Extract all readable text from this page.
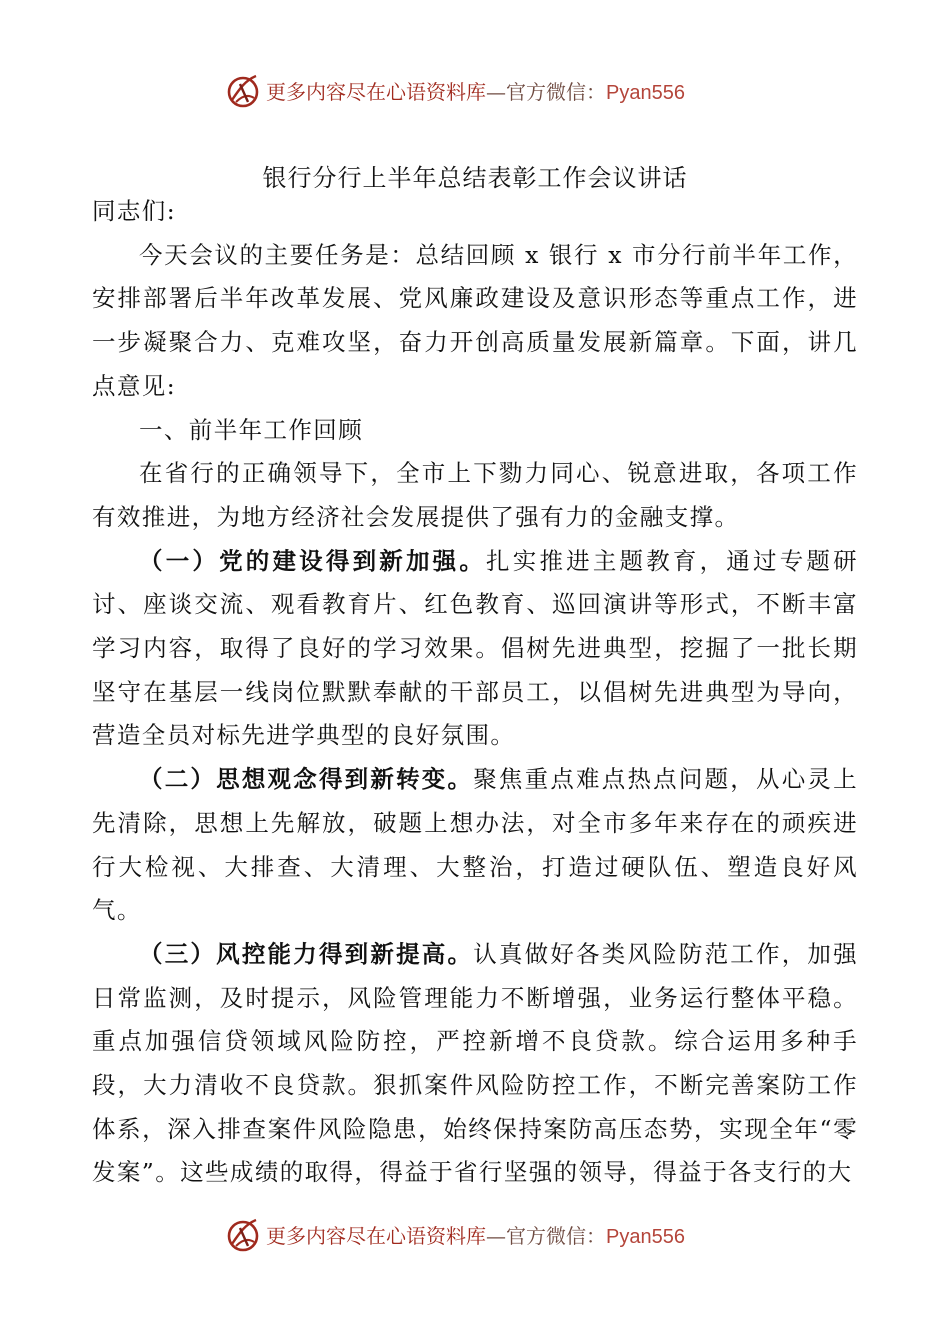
更多内容尽在心语资料库—官方微信：Pyan556
银行分行上半年总结表彰工作会议讲话

同志们:

今天会议的主要任务是：总结回顾 x 银行 x 市分行前半年工作，安排部署后半年改革发展、党风廉政建设及意识形态等重点工作，进一步凝聚合力、克难攻坚，奋力开创高质量发展新篇章。下面，讲几点意见:

一、前半年工作回顾

在省行的正确领导下，全市上下勠力同心、锐意进取，各项工作有效推进，为地方经济社会发展提供了强有力的金融支撑。

（一）党的建设得到新加强。扎实推进主题教育，通过专题研讨、座谈交流、观看教育片、红色教育、巡回演讲等形式，不断丰富学习内容，取得了良好的学习效果。倡树先进典型，挖掘了一批长期坚守在基层一线岗位默默奉献的干部员工，以倡树先进典型为导向，营造全员对标先进学典型的良好氛围。

（二）思想观念得到新转变。聚焦重点难点热点问题，从心灵上先清除，思想上先解放，破题上想办法，对全市多年来存在的顽疾进行大检视、大排查、大清理、大整治，打造过硬队伍、塑造良好风气。

（三）风控能力得到新提高。认真做好各类风险防范工作，加强日常监测，及时提示，风险管理能力不断增强，业务运行整体平稳。重点加强信贷领域风险防控，严控新增不良贷款。综合运用多种手段，大力清收不良贷款。狠抓案件风险防控工作，不断完善案防工作体系，深入排查案件风险隐患，始终保持案防高压态势，实现全年“零发案”。这些成绩的取得，得益于省行坚强的领导，得益于各支行的大

更多内容尽在心语资料库—官方微信：Pyan556
